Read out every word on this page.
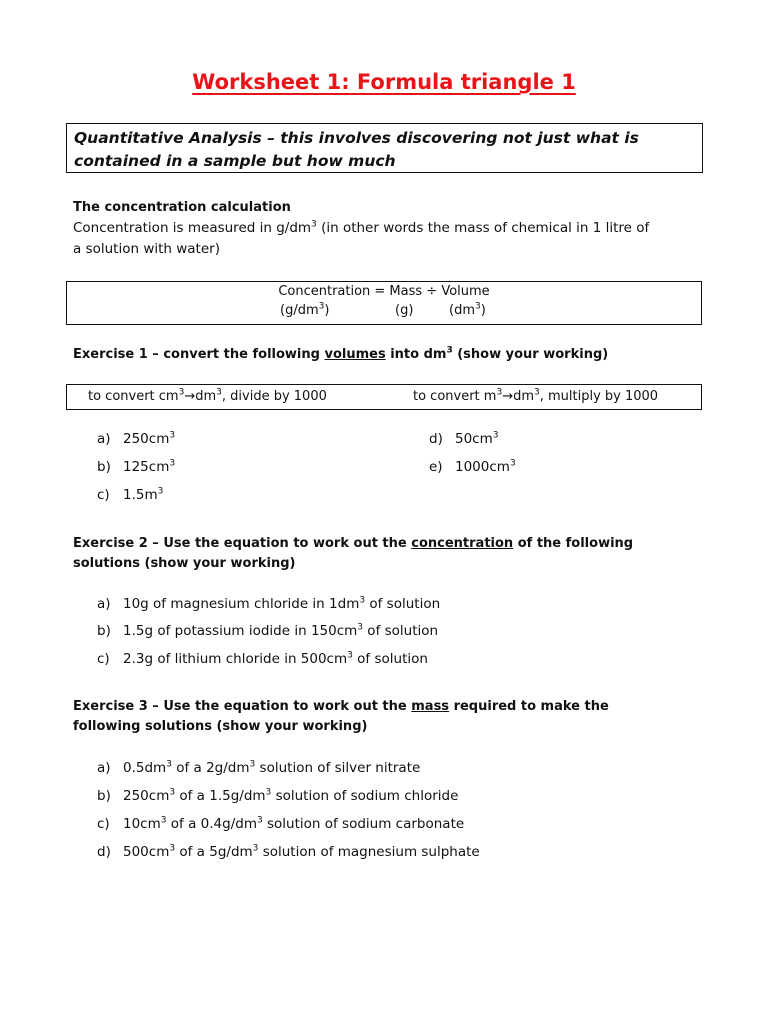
Worksheet 1: Formula triangle 1
Quantitative Analysis – this involves discovering not just what is
contained in a sample but how much
The concentration calculation
Concentration is measured in $g/dm^3$ (in other words the mass of chemical in 1 litre of
a solution with water)
Concentration = Mass ÷ Volume
$(g/dm^3)$	(g)	$(dm^3)$
Exercise 1 – convert the following volumes into $dm^3$ (show your working)
to convert $cm^3\to dm^3$, divide by 1000	to convert $m^3\to dm^3$, multiply by 1000
a) $250cm^3$
b) $125cm^3$
c) $1.5m^3$
d) $50cm^3$
e) $1000cm^3$
Exercise 2 – Use the equation to work out the concentration of the following
solutions (show your working)
a) 10g of magnesium chloride in $1dm^3$ of solution
b) 1.5g of potassium iodide in $150cm^3$ of solution
c) 2.3g of lithium chloride in $500cm^3$ of solution
Exercise 3 – Use the equation to work out the mass required to make the
following solutions (show your working)
a) $0.5dm^3$ of a $2g/dm^3$ solution of silver nitrate
b) $250cm^3$ of a $1.5g/dm^3$ solution of sodium chloride
c) $10cm^3$ of a $0.4g/dm^3$ solution of sodium carbonate
d) $500cm^3$ of a $5g/dm^3$ solution of magnesium sulphate
